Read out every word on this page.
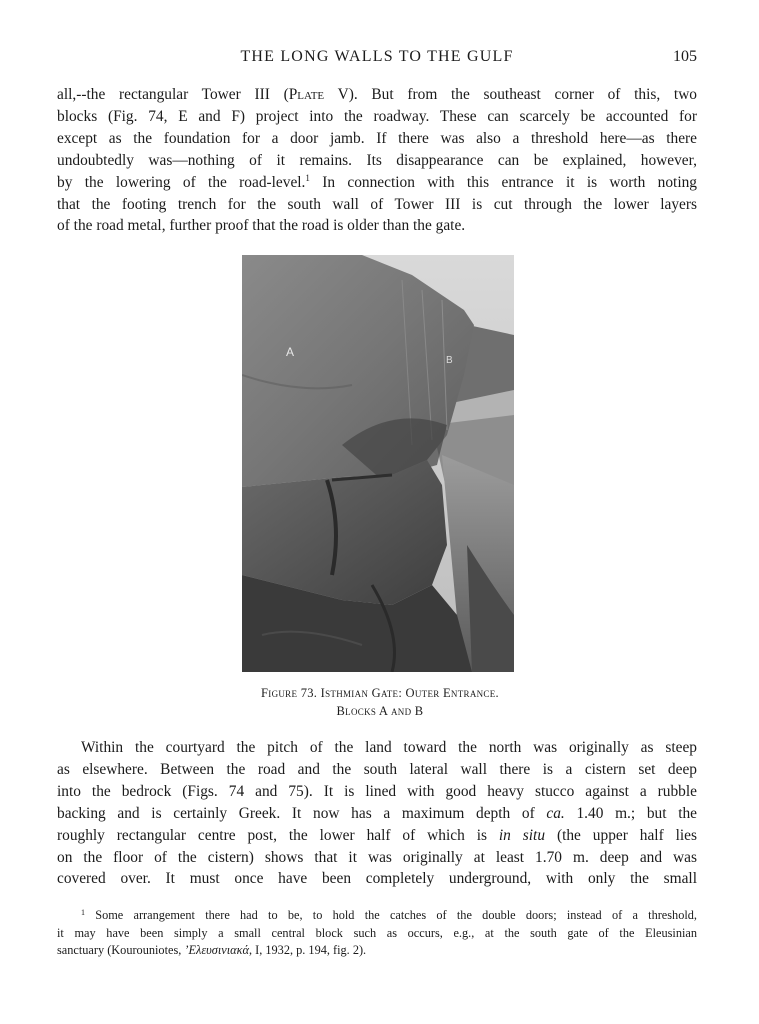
THE LONG WALLS TO THE GULF	105
all,--the rectangular Tower III (Plate V). But from the southeast corner of this, two
blocks (Fig. 74, E and F) project into the roadway. These can scarcely be accounted for
except as the foundation for a door jamb. If there was also a threshold here—as there
undoubtedly was—nothing of it remains. Its disappearance can be explained, however,
by the lowering of the road-level.$^1$ In connection with this entrance it is worth noting
that the footing trench for the south wall of Tower III is cut through the lower layers
of the road metal, further proof that the road is older than the gate.
A
B
Figure 73. Isthmian Gate: Outer Entrance.
Blocks A and B
Within the courtyard the pitch of the land toward the north was originally as steep
as elsewhere. Between the road and the south lateral wall there is a cistern set deep
into the bedrock (Figs. 74 and 75). It is lined with good heavy stucco against a rubble
backing and is certainly Greek. It now has a maximum depth of ca. 1.40 m.; but the
roughly rectangular centre post, the lower half of which is in situ (the upper half lies
on the floor of the cistern) shows that it was originally at least 1.70 m. deep and was
covered over. It must once have been completely underground, with only the small
$^1$ Some arrangement there had to be, to hold the catches of the double doors; instead of a threshold,
it may have been simply a small central block such as occurs, e.g., at the south gate of the Eleusinian
sanctuary (Kourouniotes, ’Ελευσινιακά, I, 1932, p. 194, fig. 2).
